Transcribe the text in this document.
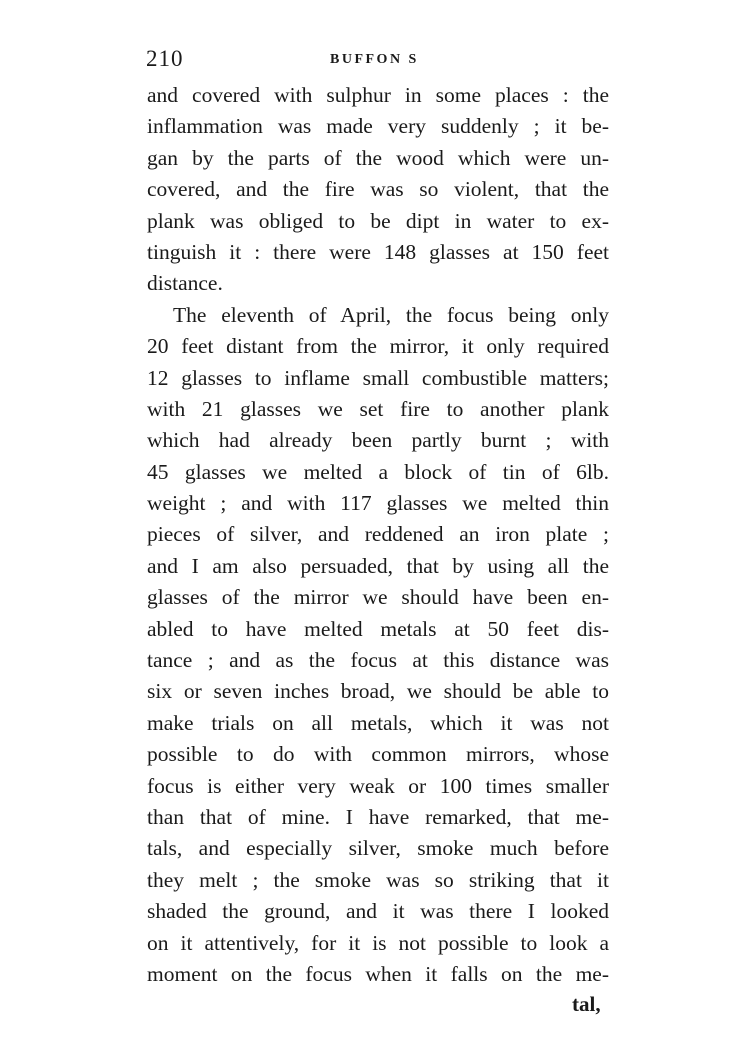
210	BUFFON S
and covered with sulphur in some places : the
inflammation was made very suddenly ; it be-
gan by the parts of the wood which were un-
covered, and the fire was so violent, that the
plank was obliged to be dipt in water to ex-
tinguish it : there were 148 glasses at 150 feet
distance.
The eleventh of April, the focus being only
20 feet distant from the mirror, it only required
12 glasses to inflame small combustible matters;
with 21 glasses we set fire to another plank
which had already been partly burnt ; with
45 glasses we melted a block of tin of 6lb.
weight ; and with 117 glasses we melted thin
pieces of silver, and reddened an iron plate ;
and I am also persuaded, that by using all the
glasses of the mirror we should have been en-
abled to have melted metals at 50 feet dis-
tance ; and as the focus at this distance was
six or seven inches broad, we should be able to
make trials on all metals, which it was not
possible to do with common mirrors, whose
focus is either very weak or 100 times smaller
than that of mine. I have remarked, that me-
tals, and especially silver, smoke much before
they melt ; the smoke was so striking that it
shaded the ground, and it was there I looked
on it attentively, for it is not possible to look a
moment on the focus when it falls on the me-
tal,
